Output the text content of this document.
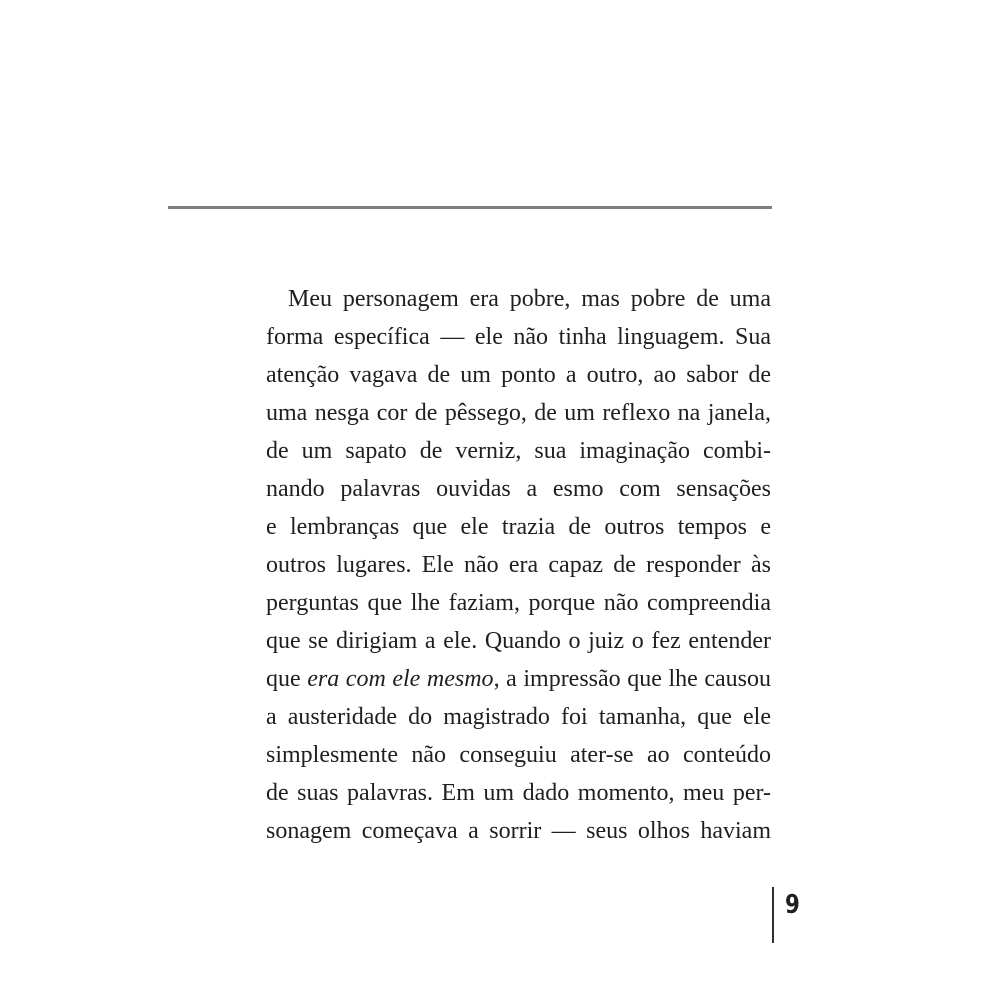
Meu personagem era pobre, mas pobre de uma
forma específica — ele não tinha linguagem. Sua
atenção vagava de um ponto a outro, ao sabor de
uma nesga cor de pêssego, de um reflexo na janela,
de um sapato de verniz, sua imaginação combi-
nando palavras ouvidas a esmo com sensações
e lembranças que ele trazia de outros tempos e
outros lugares. Ele não era capaz de responder às
perguntas que lhe faziam, porque não compreendia
que se dirigiam a ele. Quando o juiz o fez entender
que era com ele mesmo, a impressão que lhe causou
a austeridade do magistrado foi tamanha, que ele
simplesmente não conseguiu ater-se ao conteúdo
de suas palavras. Em um dado momento, meu per-
sonagem começava a sorrir — seus olhos haviam
9
